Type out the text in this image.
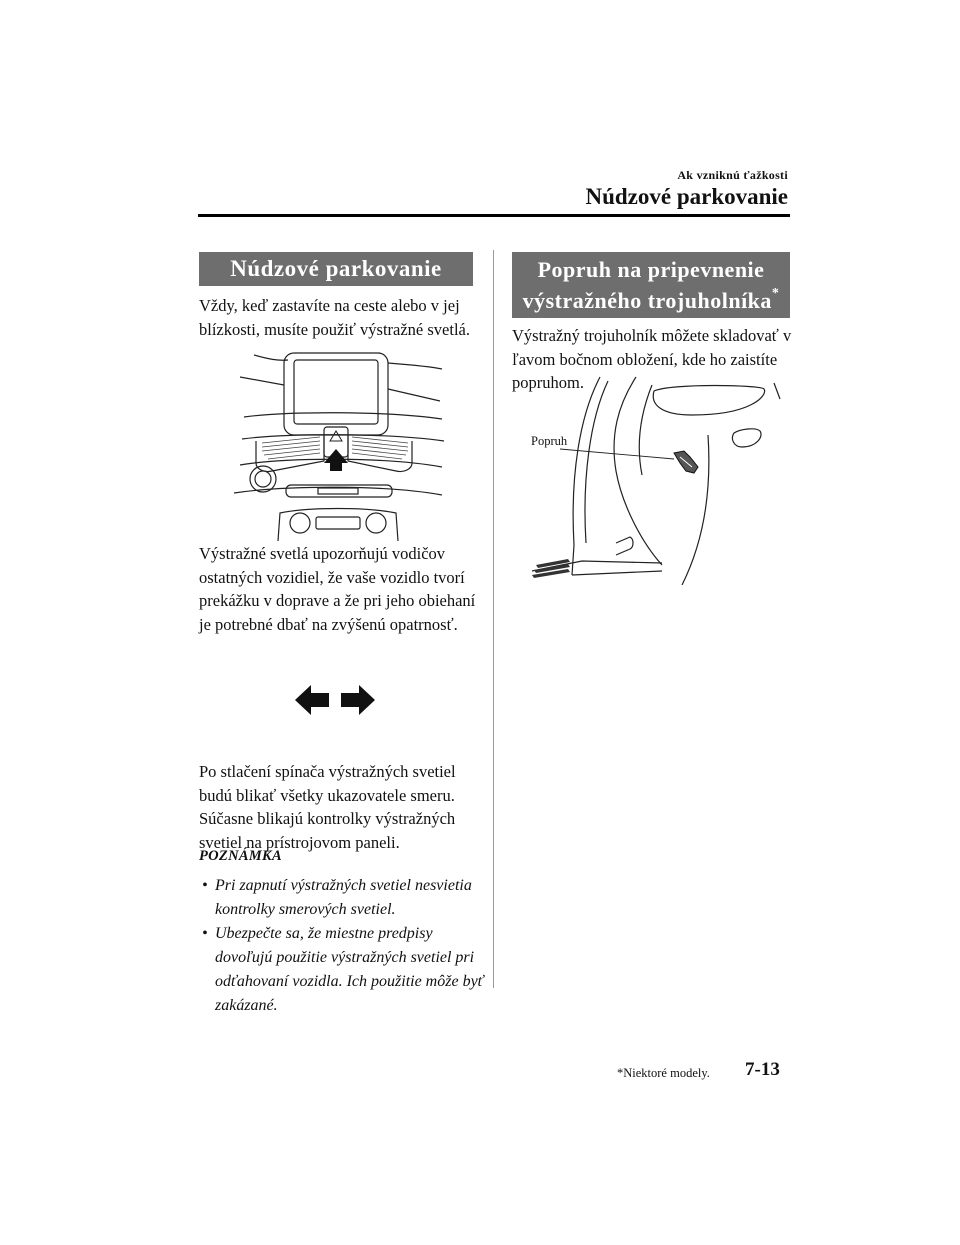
Ak vzniknú ťažkosti
Núdzové parkovanie
Núdzové parkovanie

Vždy, keď zastavíte na ceste alebo v jej blízkosti, musíte použiť výstražné svetlá.

Výstražné svetlá upozorňujú vodičov ostatných vozidiel, že vaše vozidlo tvorí prekážku v doprave a že pri jeho obiehaní je potrebné dbať na zvýšenú opatrnosť.

Po stlačení spínača výstražných svetiel budú blikať všetky ukazovatele smeru. Súčasne blikajú kontrolky výstražných svetiel na prístrojovom paneli.

POZNÁMKA
• Pri zapnutí výstražných svetiel nesvietia kontrolky smerových svetiel.
• Ubezpečte sa, že miestne predpisy dovoľujú použitie výstražných svetiel pri odťahovaní vozidla. Ich použitie môže byť zakázané.
Popruh na pripevnenie
výstražného trojuholníka*

Výstražný trojuholník môžete skladovať v ľavom bočnom obložení, kde ho zaistíte popruhom.

Popruh
*Niektoré modely. 7-13
